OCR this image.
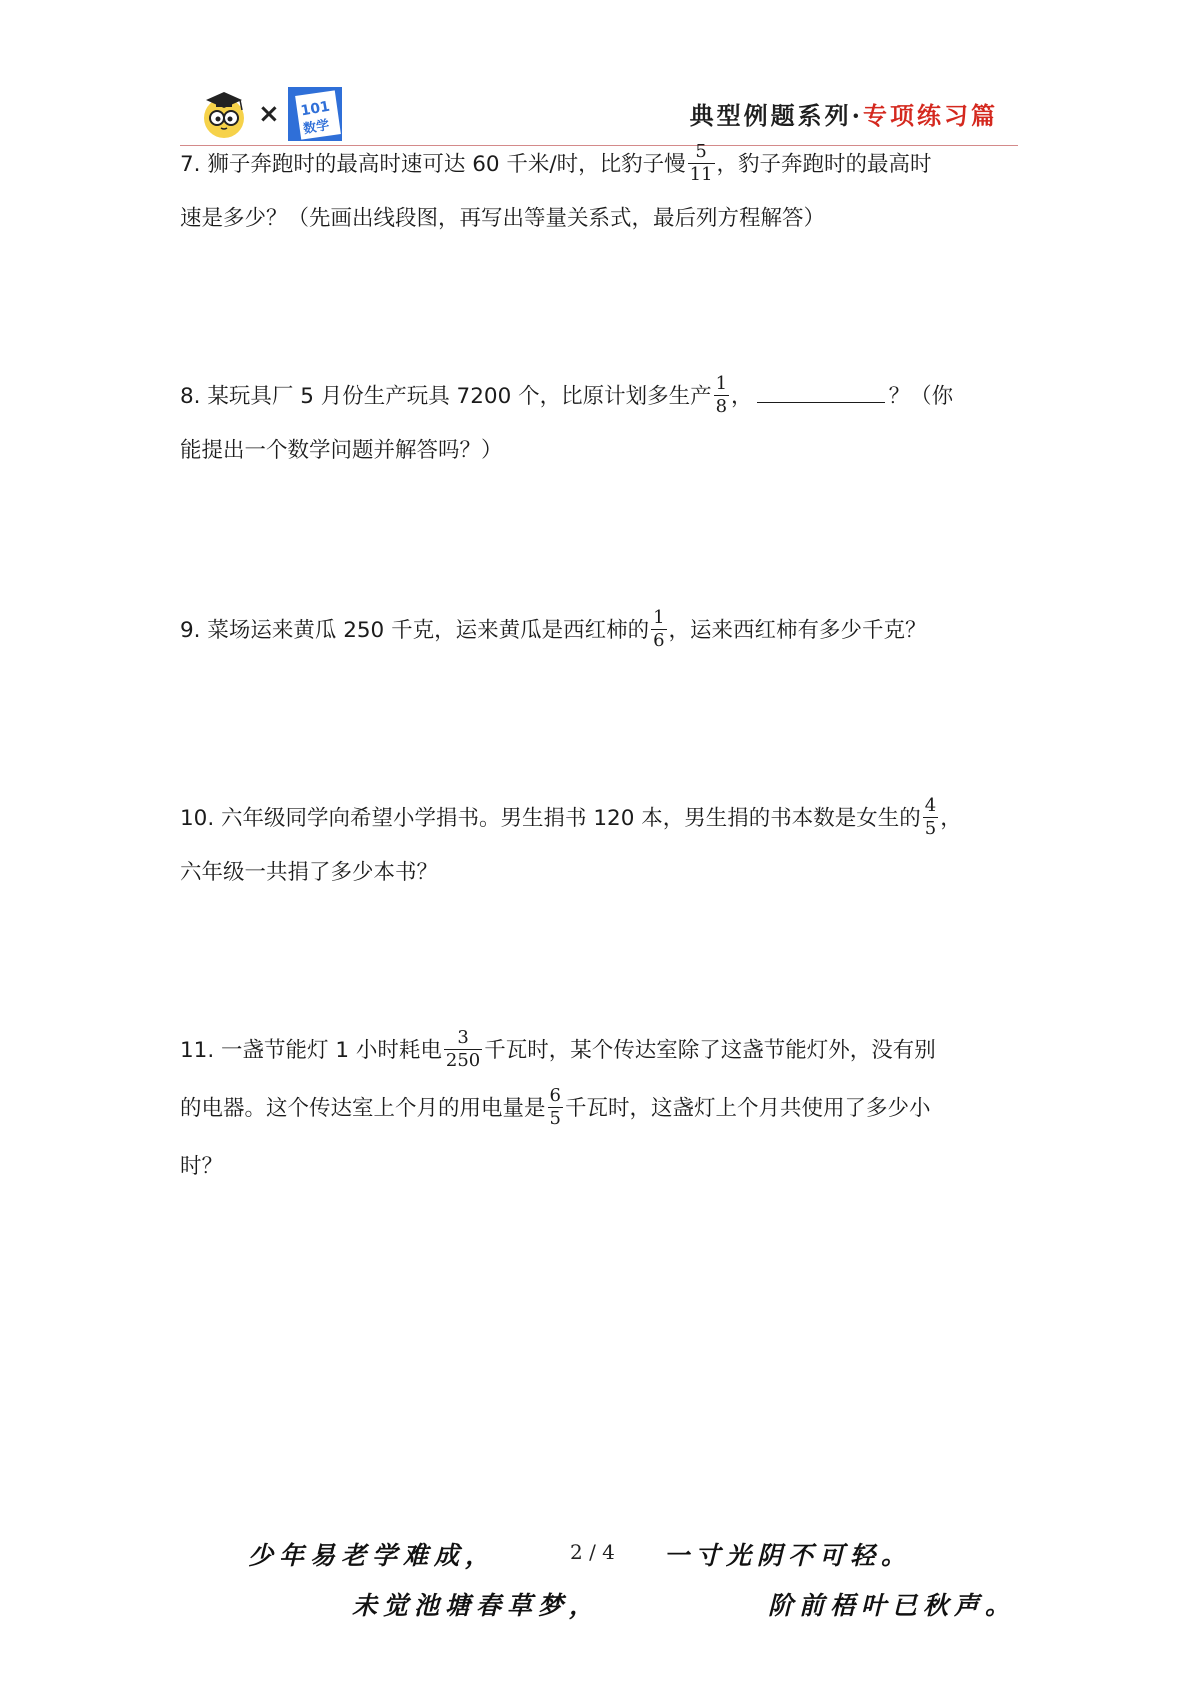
× 101
数学	典型例题系列·专项练习篇
7. 狮子奔跑时的最高时速可达 60 千米/时，比豹子慢 $\frac{5}{11}$ ，豹子奔跑时的最高时
速是多少？（先画出线段图，再写出等量关系式，最后列方程解答）
8. 某玩具厂 5 月份生产玩具 7200 个，比原计划多生产 $\frac{1}{8}$ ，	？（你
能提出一个数学问题并解答吗？）
9. 菜场运来黄瓜 250 千克，运来黄瓜是西红柿的 $\frac{1}{6}$ ，运来西红柿有多少千克？
10. 六年级同学向希望小学捐书。男生捐书 120 本，男生捐的书本数是女生的 $\frac{4}{5}$ ，
六年级一共捐了多少本书？
11. 一盏节能灯 1 小时耗电 $\frac{3}{250}$ 千瓦时，某个传达室除了这盏节能灯外，没有别
的电器。这个传达室上个月的用电量是 $\frac{6}{5}$ 千瓦时，这盏灯上个月共使用了多少小
时？
少年易老学难成，	2 / 4 一寸光阴不可轻。
未觉池塘春草梦，	阶前梧叶已秋声。
